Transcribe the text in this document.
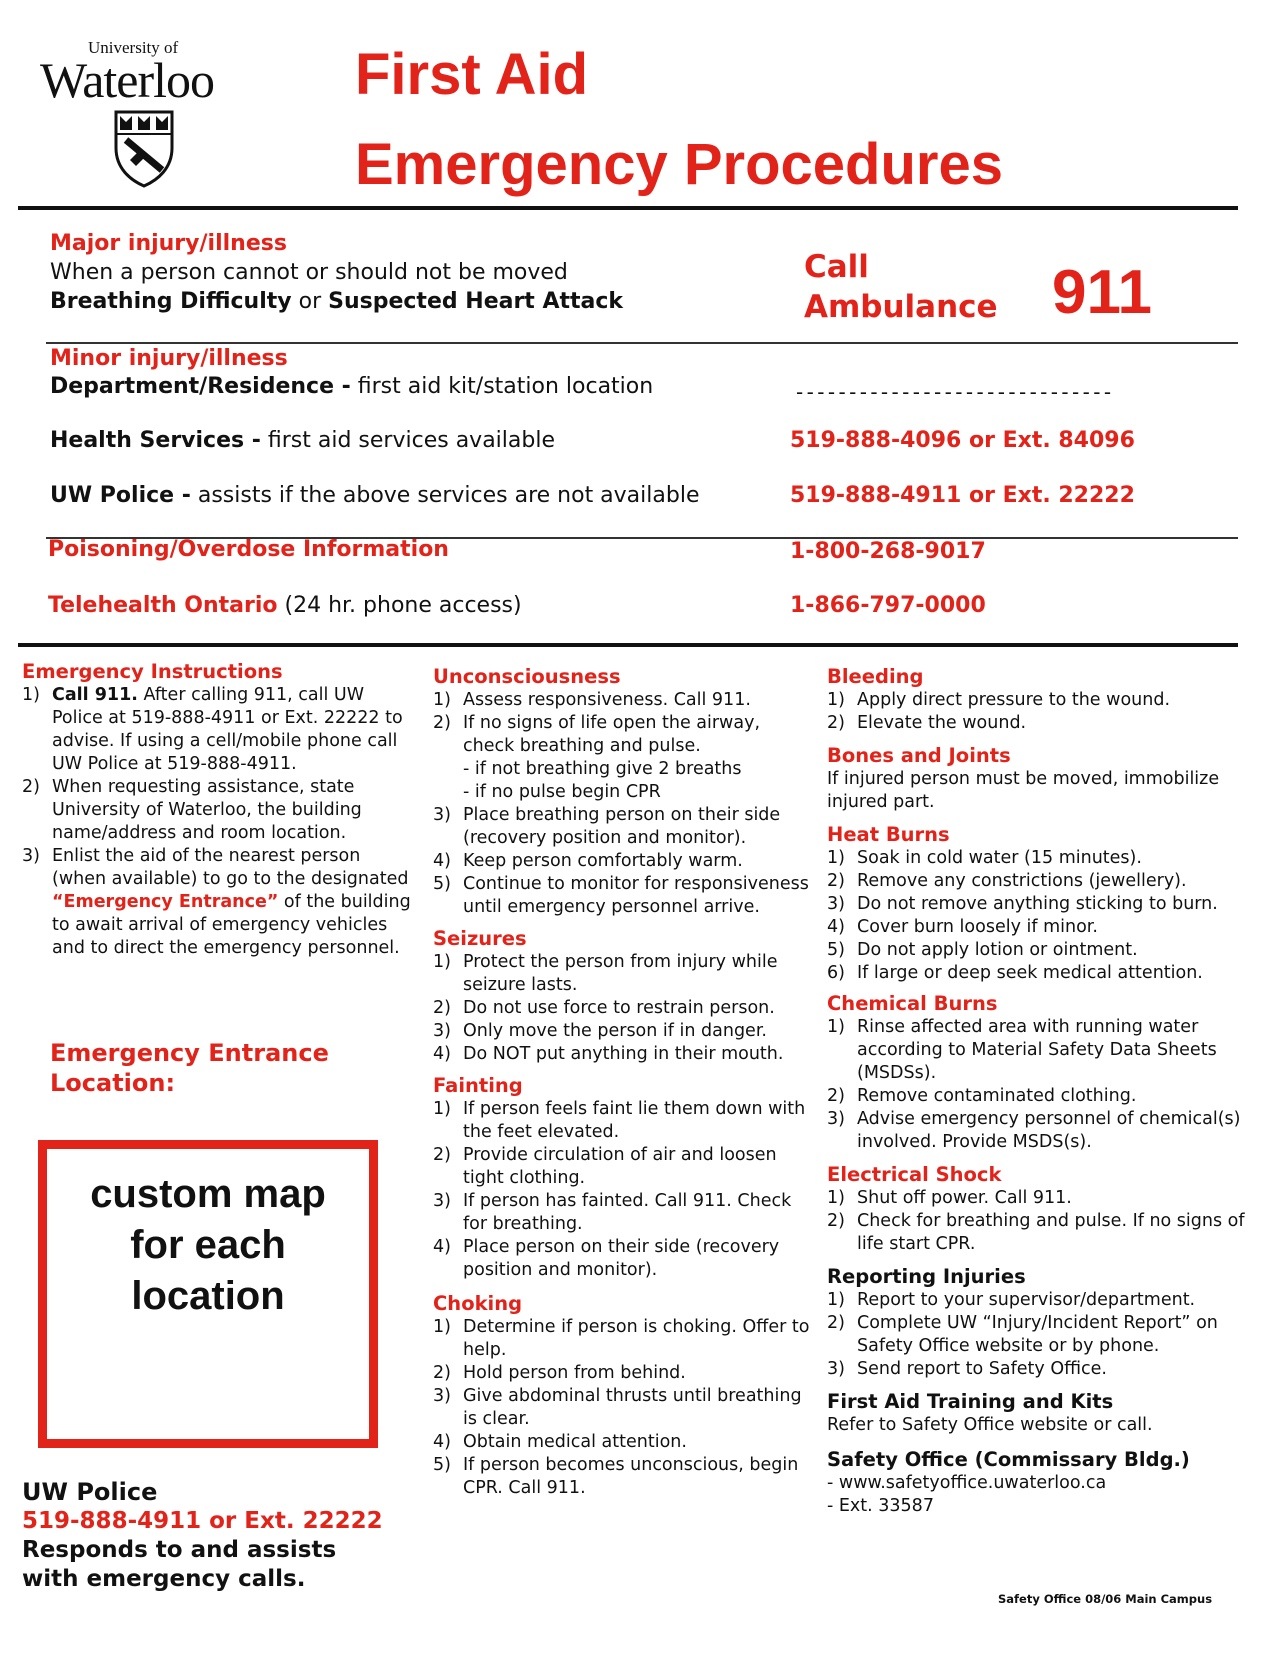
University of
Waterloo First Aid
Emergency Procedures
Major injury/illness
When a person cannot or should not be moved
Breathing Difficulty or Suspected Heart Attack
Call
Ambulance 911
Minor injury/illness
Department/Residence - first aid kit/station location	------------------------------
Health Services - first aid services available	519-888-4096 or Ext. 84096
UW Police - assists if the above services are not available	519-888-4911 or Ext. 22222
Poisoning/Overdose Information	1-800-268-9017
Telehealth Ontario (24 hr. phone access)	1-866-797-0000
Emergency Instructions
1) Call 911. After calling 911, call UW Police at 519-888-4911 or Ext. 22222 to advise. If using a cell/mobile phone call UW Police at 519-888-4911.
2) When requesting assistance, state University of Waterloo, the building name/address and room location.
3) Enlist the aid of the nearest person (when available) to go to the designated “Emergency Entrance” of the building to await arrival of emergency vehicles and to direct the emergency personnel.
Emergency Entrance
Location:
custom map
for each
location
UW Police
519-888-4911 or Ext. 22222
Responds to and assists
with emergency calls.
Unconsciousness
1) Assess responsiveness. Call 911.
2) If no signs of life open the airway, check breathing and pulse.
- if not breathing give 2 breaths
- if no pulse begin CPR
3) Place breathing person on their side (recovery position and monitor).
4) Keep person comfortably warm.
5) Continue to monitor for responsiveness until emergency personnel arrive.
Seizures
1) Protect the person from injury while seizure lasts.
2) Do not use force to restrain person.
3) Only move the person if in danger.
4) Do NOT put anything in their mouth.
Fainting
1) If person feels faint lie them down with the feet elevated.
2) Provide circulation of air and loosen tight clothing.
3) If person has fainted. Call 911. Check for breathing.
4) Place person on their side (recovery position and monitor).
Choking
1) Determine if person is choking. Offer to help.
2) Hold person from behind.
3) Give abdominal thrusts until breathing is clear.
4) Obtain medical attention.
5) If person becomes unconscious, begin CPR. Call 911.
Bleeding
1) Apply direct pressure to the wound.
2) Elevate the wound.
Bones and Joints

If injured person must be moved, immobilize injured part.

Heat Burns
1) Soak in cold water (15 minutes).
2) Remove any constrictions (jewellery).
3) Do not remove anything sticking to burn.
4) Cover burn loosely if minor.
5) Do not apply lotion or ointment.
6) If large or deep seek medical attention.
Chemical Burns
1) Rinse affected area with running water according to Material Safety Data Sheets (MSDSs).
2) Remove contaminated clothing.
3) Advise emergency personnel of chemical(s) involved. Provide MSDS(s).
Electrical Shock
1) Shut off power. Call 911.
2) Check for breathing and pulse. If no signs of life start CPR.
Reporting Injuries
1) Report to your supervisor/department.
2) Complete UW “Injury/Incident Report” on Safety Office website or by phone.
3) Send report to Safety Office.
First Aid Training and Kits

Refer to Safety Office website or call.

Safety Office (Commissary Bldg.)

- www.safetyoffice.uwaterloo.ca

- Ext. 33587

Safety Office 08/06 Main Campus
